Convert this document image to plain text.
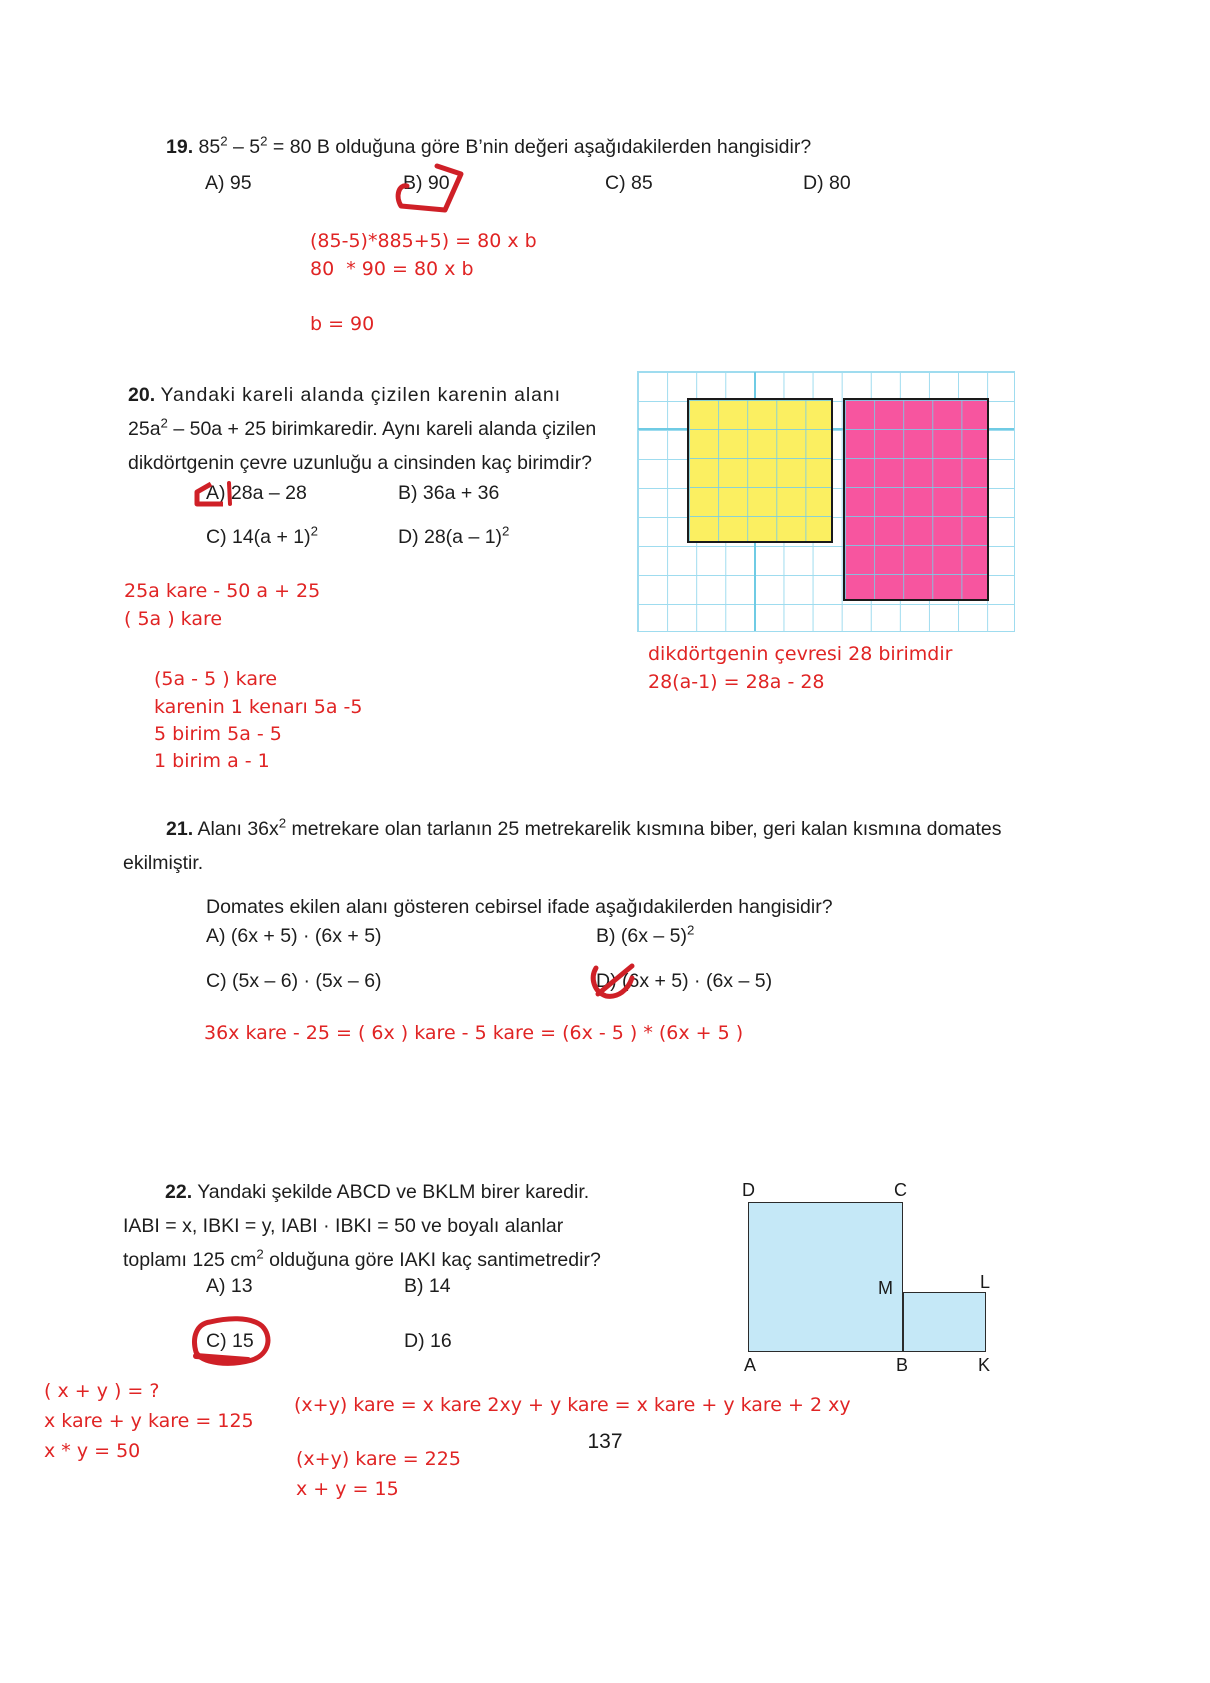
19. $85^2 - 5^2 = 80$ B olduğuna göre B’nin değeri aşağıdakilerden hangisidir?
A) 95	B) 90	C) 85	D) 80
(85-5)*885+5) = 80 x b
80  * 90 = 80 x b
b = 90
20. Yandaki kareli alanda çizilen karenin alanı
$25a^2 - 50a + 25$ birimkaredir. Aynı kareli alanda çizilen
dikdörtgenin çevre uzunluğu a cinsinden kaç birimdir?
A) 28a – 28	B) 36a + 36
C) $14(a + 1)^2$	D) 28(a – 1)$^2$
25a kare - 50 a + 25
( 5a ) kare
(5a - 5 ) kare
karenin 1 kenarı 5a -5
5 birim 5a - 5
1 birim a - 1
dikdörtgenin çevresi 28 birimdir
28(a-1) = 28a - 28
21. Alanı $36x^2$ metrekare olan tarlanın 25 metrekarelik kısmına biber, geri kalan kısmına domates
ekilmiştir.
Domates ekilen alanı gösteren cebirsel ifade aşağıdakilerden hangisidir?
A) (6x + 5) · (6x + 5)	B) (6x – 5)$^2$
C) (5x – 6) · (5x – 6)	D) (6x + 5) · (6x – 5)
36x kare - 25 = ( 6x ) kare - 5 kare = (6x - 5 ) * (6x + 5 )
22. Yandaki şekilde ABCD ve BKLM birer karedir.
IABI = x, IBKI = y, IABI · IBKI = 50 ve boyalı alanlar
toplamı 125 $cm^2$ olduğuna göre IAKI kaç santimetredir?
A) 13	B) 14
C) 15	D) 16
D	C
M	L
A	B	K
( x + y ) = ?
x kare + y kare = 125
x * y = 50
(x+y) kare = x kare 2xy + y kare = x kare + y kare + 2 xy
(x+y) kare = 225
x + y = 15
137
